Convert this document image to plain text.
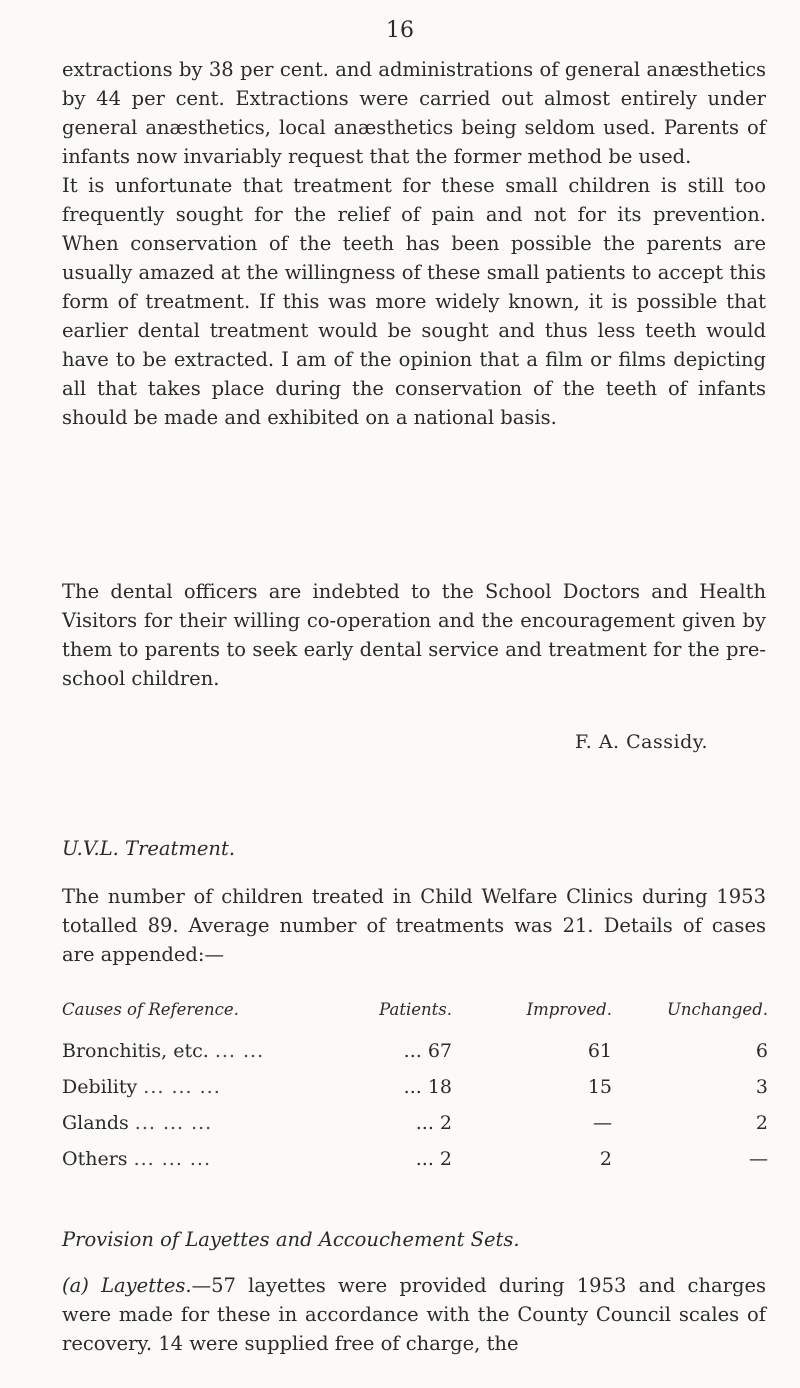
16

extractions by 38 per cent. and administrations of general anæsthetics by 44 per cent. Extractions were carried out almost entirely under general anæsthetics, local anæsthetics being seldom used. Parents of infants now invariably request that the former method be used.

It is unfortunate that treatment for these small children is still too frequently sought for the relief of pain and not for its prevention. When conservation of the teeth has been possible the parents are usually amazed at the willingness of these small patients to accept this form of treatment. If this was more widely known, it is possible that earlier dental treatment would be sought and thus less teeth would have to be extracted. I am of the opinion that a film or films depicting all that takes place during the conservation of the teeth of infants should be made and exhibited on a national basis.

The dental officers are indebted to the School Doctors and Health Visitors for their willing co-operation and the encouragement given by them to parents to seek early dental service and treatment for the pre-school children.

F. A. Cassidy.
U.V.L. Treatment.

The number of children treated in Child Welfare Clinics during 1953 totalled 89. Average number of treatments was 21. Details of cases are appended:—

Causes of Reference.	Patients.	Improved.	Unchanged.
Bronchitis, etc. ... ...	... 67	61	6
Debility ... ... ...	... 18	15	3
Glands ... ... ...	... 2	—	2
Others ... ... ...	... 2	2	—
Provision of Layettes and Accouchement Sets.

(a) Layettes.—57 layettes were provided during 1953 and charges were made for these in accordance with the County Council scales of recovery. 14 were supplied free of charge, the
